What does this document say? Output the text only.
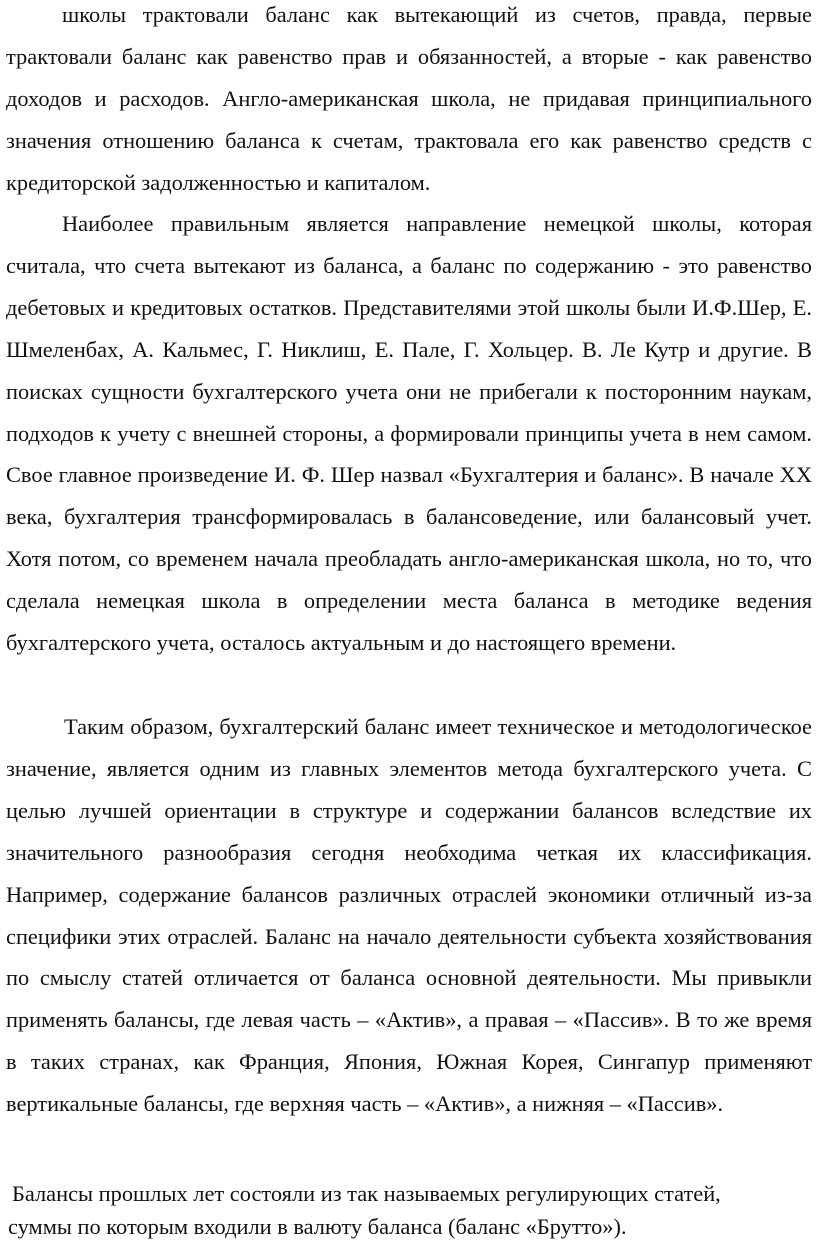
школы трактовали баланс как вытекающий из счетов, правда, первые трактовали баланс как равенство прав и обязанностей, а вторые - как равенство доходов и расходов. Англо-американская школа, не придавая принципиального значения отношению баланса к счетам, трактовала его как равенство средств с кредиторской задолженностью и капиталом.

Наиболее правильным является направление немецкой школы, которая считала, что счета вытекают из баланса, а баланс по содержанию - это равенство дебетовых и кредитовых остатков. Представителями этой школы были И.Ф.Шер, Е. Шмеленбах, А. Кальмес, Г. Никлиш, Е. Пале, Г. Хольцер. В. Ле Кутр и другие. В поисках сущности бухгалтерского учета они не прибегали к посторонним наукам, подходов к учету с внешней стороны, а формировали принципы учета в нем самом. Свое главное произведение И. Ф. Шер назвал «Бухгалтерия и баланс». В начале XX века, бухгалтерия трансформировалась в балансоведение, или балансовый учет. Хотя потом, со временем начала преобладать англо-американская школа, но то, что сделала немецкая школа в определении места баланса в методике ведения бухгалтерского учета, осталось актуальным и до настоящего времени.

Таким образом, бухгалтерский баланс имеет техническое и методологическое значение, является одним из главных элементов метода бухгалтерского учета. С целью лучшей ориентации в структуре и содержании балансов вследствие их значительного разнообразия сегодня необходима четкая их классификация. Например, содержание балансов различных отраслей экономики отличный из-за специфики этих отраслей. Баланс на начало деятельности субъекта хозяйствования по смыслу статей отличается от баланса основной деятельности. Мы привыкли применять балансы, где левая часть – «Актив», а правая – «Пассив». В то же время в таких странах, как Франция, Япония, Южная Корея, Сингапур применяют вертикальные балансы, где верхняя часть – «Актив», а нижняя – «Пассив».

Балансы прошлых лет состояли из так называемых регулирующих статей, суммы по которым входили в валюту баланса (баланс «Брутто»).
